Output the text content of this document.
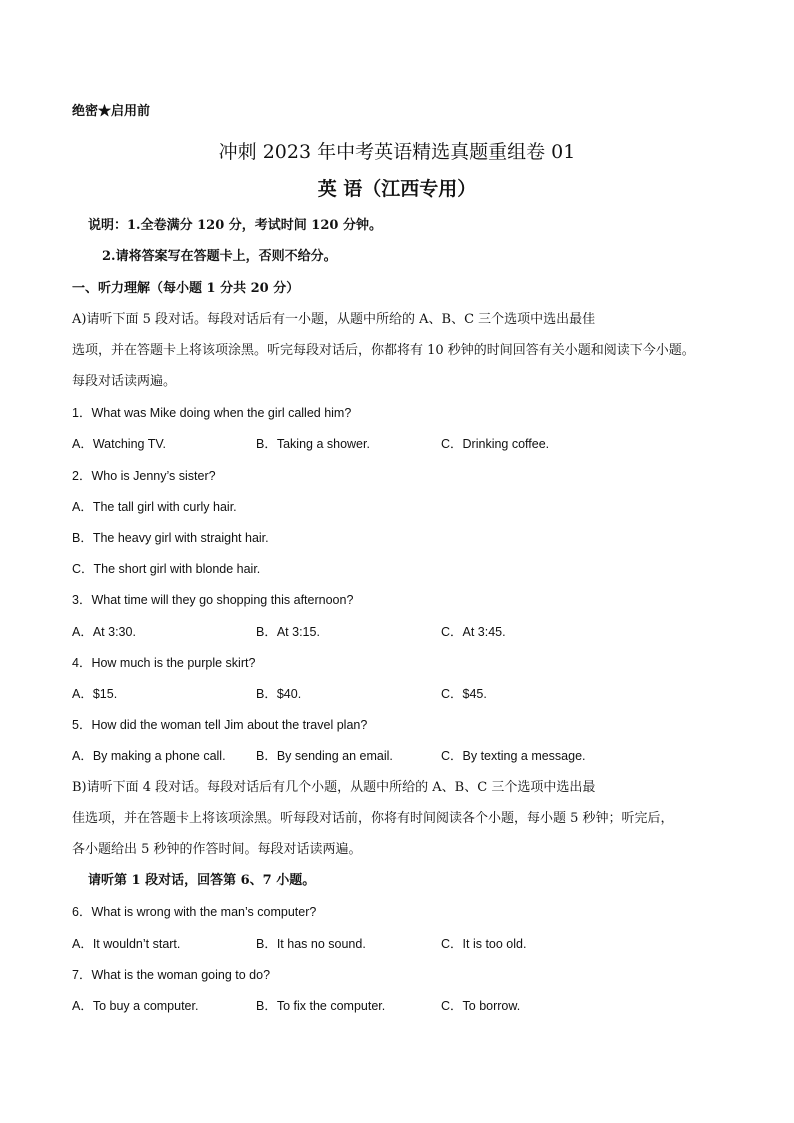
绝密★启用前
冲刺 2023 年中考英语精选真题重组卷 01
英 语（江西专用）
说明：1.全卷满分 120 分，考试时间 120 分钟。
2.请将答案写在答题卡上，否则不给分。
一、听力理解（每小题 1 分共 20 分）
A)请听下面 5 段对话。每段对话后有一小题，从题中所给的 A、B、C 三个选项中选出最佳
选项，并在答题卡上将该项涂黑。听完每段对话后，你都将有 10 秒钟的时间回答有关小题和阅读下今小题。
每段对话读两遍。
1．What was Mike doing when the girl called him?
A．Watching TV.	B．Taking a shower.	C．Drinking coffee.
2．Who is Jenny’s sister?
A．The tall girl with curly hair.
B．The heavy girl with straight hair.
C．The short girl with blonde hair.
3．What time will they go shopping this afternoon?
A．At 3:30.	B．At 3:15.	C．At 3:45.
4．How much is the purple skirt?
A．$15.	B．$40.	C．$45.
5．How did the woman tell Jim about the travel plan?
A．By making a phone call. B．By sending an email.	C．By texting a message.
B)请听下面 4 段对话。每段对话后有几个小题，从题中所给的 A、B、C 三个选项中选出最
佳选项，并在答题卡上将该项涂黑。听每段对话前，你将有时间阅读各个小题，每小题 5 秒钟；听完后，
各小题给出 5 秒钟的作答时间。每段对话读两遍。
请听第 1 段对话，回答第 6、7 小题。
6．What is wrong with the man’s computer?
A．It wouldn’t start.	B．It has no sound.	C．It is too old.
7．What is the woman going to do?
A．To buy a computer.	B．To fix the computer.	C．To borrow.
